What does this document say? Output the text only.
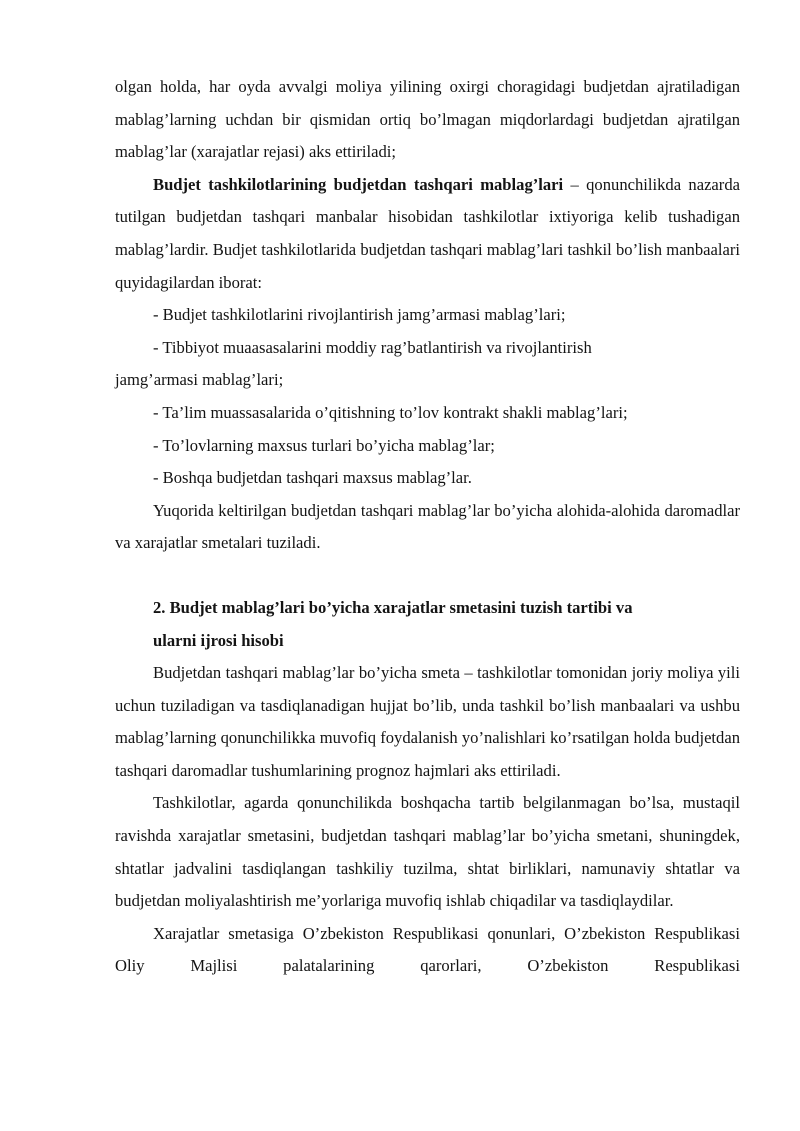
olgan holda, har oyda avvalgi moliya yilining oxirgi choragidagi budjetdan ajratiladigan mablag’larning uchdan bir qismidan ortiq bo’lmagan miqdorlardagi budjetdan ajratilgan mablag’lar (xarajatlar rejasi) aks ettiriladi;

Budjet tashkilotlarining budjetdan tashqari mablag’lari – qonunchilikda nazarda tutilgan budjetdan tashqari manbalar hisobidan tashkilotlar ixtiyoriga kelib tushadigan mablag’lardir. Budjet tashkilotlarida budjetdan tashqari mablag’lari tashkil bo’lish manbaalari quyidagilardan iborat:

- Budjet tashkilotlarini rivojlantirish jamg’armasi mablag’lari;

- Tibbiyot muaasasalarini moddiy rag’batlantirish va rivojlantirish

jamg’armasi mablag’lari;

- Ta’lim muassasalarida o’qitishning to’lov kontrakt shakli mablag’lari;

- To’lovlarning maxsus turlari bo’yicha mablag’lar;

- Boshqa budjetdan tashqari maxsus mablag’lar.

Yuqorida keltirilgan budjetdan tashqari mablag’lar bo’yicha alohida-alohida daromadlar va xarajatlar smetalari tuziladi.

2. Budjet mablag’lari bo’yicha xarajatlar smetasini tuzish tartibi va

ularni ijrosi hisobi

Budjetdan tashqari mablag’lar bo’yicha smeta – tashkilotlar tomonidan joriy moliya yili uchun tuziladigan va tasdiqlanadigan hujjat bo’lib, unda tashkil bo’lish manbaalari va ushbu mablag’larning qonunchilikka muvofiq foydalanish yo’nalishlari ko’rsatilgan holda budjetdan tashqari daromadlar tushumlarining prognoz hajmlari aks ettiriladi.

Tashkilotlar, agarda qonunchilikda boshqacha tartib belgilanmagan bo’lsa, mustaqil ravishda xarajatlar smetasini, budjetdan tashqari mablag’lar bo’yicha smetani, shuningdek, shtatlar jadvalini tasdiqlangan tashkiliy tuzilma, shtat birliklari, namunaviy shtatlar va budjetdan moliyalashtirish me’yorlariga muvofiq ishlab chiqadilar va tasdiqlaydilar.

Xarajatlar smetasiga O’zbekiston Respublikasi qonunlari, O’zbekiston Respublikasi Oliy Majlisi palatalarining qarorlari, O’zbekiston Respublikasi
